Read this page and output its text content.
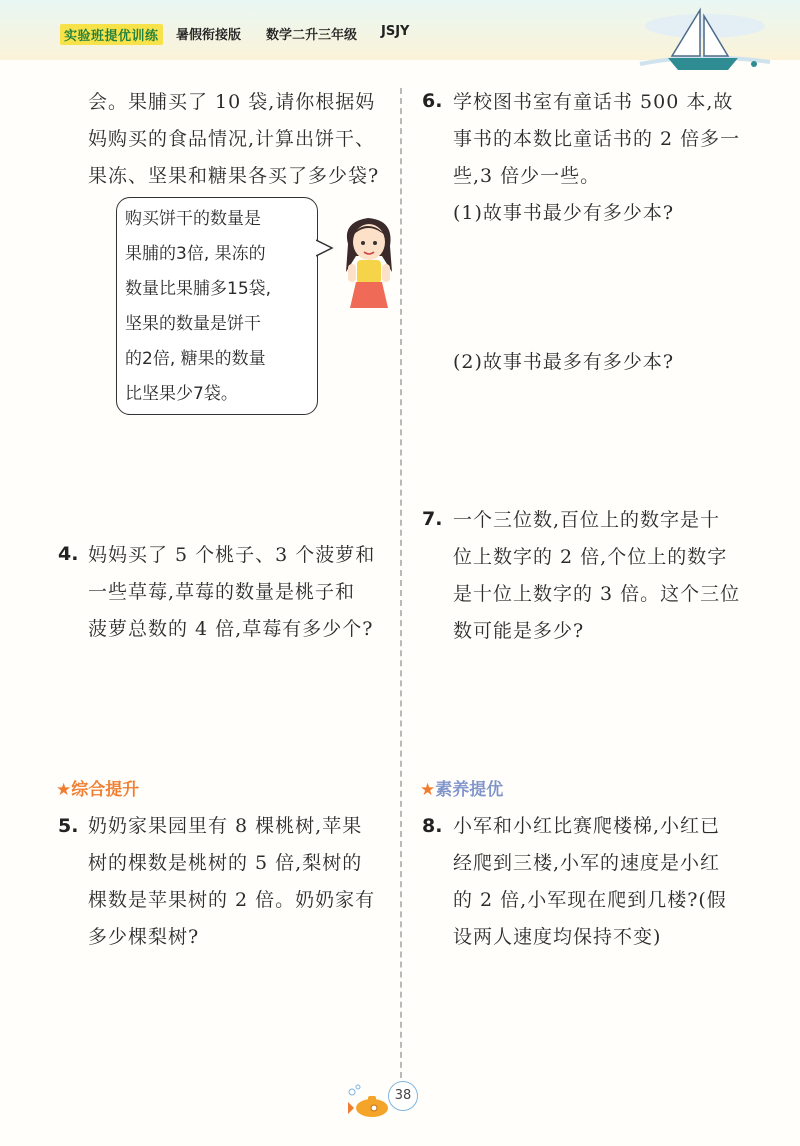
实验班提优训练	暑假衔接版 数学二升三年级 JSJY
会。果脯买了 10 袋,请你根据妈
妈购买的食品情况,计算出饼干、
果冻、坚果和糖果各买了多少袋?
购买饼干的数量是
果脯的3倍, 果冻的
数量比果脯多15袋,
坚果的数量是饼干
的2倍, 糖果的数量
比坚果少7袋。
4. 妈妈买了 5 个桃子、3 个菠萝和
一些草莓,草莓的数量是桃子和
菠萝总数的 4 倍,草莓有多少个?
★综合提升
5. 奶奶家果园里有 8 棵桃树,苹果
树的棵数是桃树的 5 倍,梨树的
棵数是苹果树的 2 倍。奶奶家有
多少棵梨树?
6. 学校图书室有童话书 500 本,故
事书的本数比童话书的 2 倍多一
些,3 倍少一些。
(1)故事书最少有多少本?
(2)故事书最多有多少本?
7. 一个三位数,百位上的数字是十
位上数字的 2 倍,个位上的数字
是十位上数字的 3 倍。这个三位
数可能是多少?
★素养提优
8. 小军和小红比赛爬楼梯,小红已
经爬到三楼,小军的速度是小红
的 2 倍,小军现在爬到几楼?(假
设两人速度均保持不变)
38
